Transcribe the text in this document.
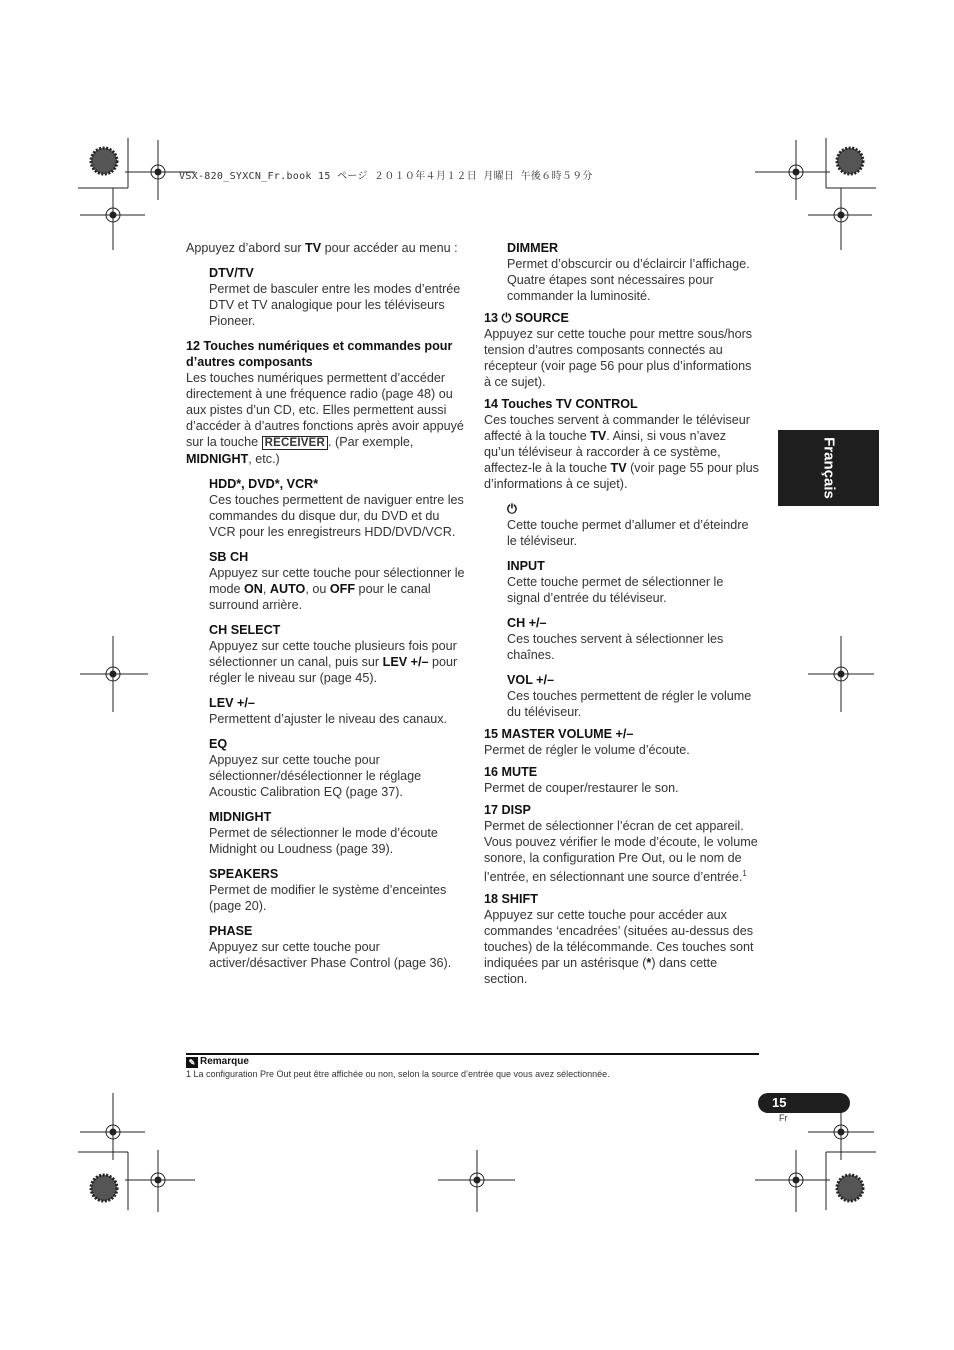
VSX-820_SYXCN_Fr.book 15 ページ ２０１０年４月１２日 月曜日 午後６時５９分

Appuyez d’abord sur TV pour accéder au menu :

DTV/TV

Permet de basculer entre les modes d’entrée DTV et TV analogique pour les téléviseurs Pioneer.

12 Touches numériques et commandes pour d’autres composants

Les touches numériques permettent d’accéder directement à une fréquence radio (page 48) ou aux pistes d’un CD, etc. Elles permettent aussi d’accéder à d’autres fonctions après avoir appuyé sur la touche RECEIVER . (Par exemple, MIDNIGHT, etc.)

HDD*, DVD*, VCR*

Ces touches permettent de naviguer entre les commandes du disque dur, du DVD et du VCR pour les enregistreurs HDD/DVD/VCR.

SB CH

Appuyez sur cette touche pour sélectionner le mode ON, AUTO, ou OFF pour le canal surround arrière.

CH SELECT

Appuyez sur cette touche plusieurs fois pour sélectionner un canal, puis sur LEV +/– pour régler le niveau sur (page 45).

LEV +/–

Permettent d’ajuster le niveau des canaux.

EQ

Appuyez sur cette touche pour sélectionner/désélectionner le réglage Acoustic Calibration EQ (page 37).

MIDNIGHT

Permet de sélectionner le mode d’écoute Midnight ou Loudness (page 39).

SPEAKERS

Permet de modifier le système d’enceintes (page 20).

PHASE

Appuyez sur cette touche pour activer/désactiver Phase Control (page 36).

DIMMER

Permet d’obscurcir ou d’éclaircir l’affichage. Quatre étapes sont nécessaires pour commander la luminosité.

13 ⏻ SOURCE

Appuyez sur cette touche pour mettre sous/hors tension d’autres composants connectés au récepteur (voir page 56 pour plus d’informations à ce sujet).

14 Touches TV CONTROL

Ces touches servent à commander le téléviseur affecté à la touche TV. Ainsi, si vous n’avez qu’un téléviseur à raccorder à ce système, affectez-le à la touche TV (voir page 55 pour plus d’informations à ce sujet).

⏻

Cette touche permet d’allumer et d’éteindre le téléviseur.

INPUT

Cette touche permet de sélectionner le signal d’entrée du téléviseur.

CH +/–

Ces touches servent à sélectionner les chaînes.

VOL +/–

Ces touches permettent de régler le volume du téléviseur.

15 MASTER VOLUME +/–

Permet de régler le volume d’écoute.

16 MUTE

Permet de couper/restaurer le son.

17 DISP

Permet de sélectionner l’écran de cet appareil. Vous pouvez vérifier le mode d’écoute, le volume sonore, la configuration Pre Out, ou le nom de l’entrée, en sélectionnant une source d’entrée.$^1$

18 SHIFT

Appuyez sur cette touche pour accéder aux commandes ‘encadrées’ (situées au-dessus des touches) de la télécommande. Ces touches sont indiquées par un astérisque (*) dans cette section.

Français
✎ Remarque
1 La configuration Pre Out peut être affichée ou non, selon la source d’entrée que vous avez sélectionnée.
15
Fr
